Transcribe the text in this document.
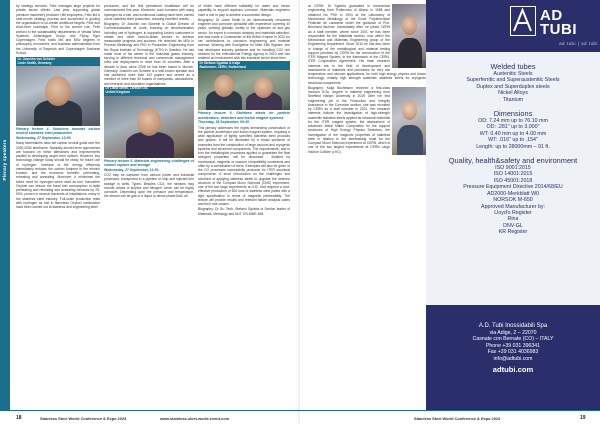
Plenary speakers

by strategy services. Felix manages large projects for private sector clients. Last year, supporting global premium machinery producer Hilti employees, Felix led a nine-month strategy process and succeeded in guiding the organisation to co-create ambitious targets. Felix and short-term roadmaps. Prior to his current role, Felix worked in the sustainability departments of Vestas Wind Systems, Ardenaqgue Group, and Flying Tiger Copenhagen. Felix holds MA and MSc degrees in philosophy, economics, and business administration from the University of Bayreuth and Copenhagen Business School.

Dr. Joachim von Schéele
Linde Sndth, Germany
Plenary lecture 4. Solutions towards carbon neutral stainless steel production
Wednesday, 27 September, 10:00

Many steelmakers have set carbon neutral goals over the 2030-2050 timeframe. Naturally-shorter-term approaches are focused on minor alterations and improvements parallel to developing longer term options. However, key technology change today should be ready for future use of hydrogen. Increase of the energy efficiency immediately reduces the carbon footprint in the electric furnace, and the economic benefits: preheating, reheating and annealing. Moreover, it minimises the future need for hydrogen when used as fuel. Hanneken Oxyfuel can reduce the fossil fuel consumption in ladle preheating and reheating and annealing furnaces by 25-50%, proven in several hundreds of installations, many in the stainless steel industry. Full-scale production tests with hydrogen as fuel in flameless Oxyfuel combustion have been carried out at stainless and engineering steel

producers, and the first permanent installation will be commissioned this year. Moreover, such furnaces with using hydrogen as a fuel, and continuous casting have been carried out at stainless steel production, showing excellent results.

Biography: Dr Joachim von Schéele is Global Director of Commercialisation at Linde, focusing on decarbonisation including use of hydrogen, in supporting Linde's customers in metals and other hard-to-abate sectors to achieve measurable progress and success. He received his MSc in Process Metallurgy and PhD in Production Engineering from the Royal Institute of Technology (KTH) in Sweden. He has made most of his career in the industrial gases industry, serving in different technical and commercial management roles and deployments in more than 40 countries. After a decade in Asia, since 2008 he has been based in Munich, Germany. Joachim von Schéele is a well-known speaker and has published more than 100 papers and served as a member of more than 30 boards of companies, associations, and research and education organisations.

Dr Liana Smith, Larkton Ltd,
United Kingdom
Plenary lecture 5. Materials engineering challenges of carbon capture and storage
Wednesday, 27 September, 11:30

CO2 may be captured from various power and industrial processes, transported in a pipeline or ship and injected into storage in wells. Types. Besides CO2, the streams may include oxides of sulphur and nitrogen, which can be highly corrosive. Depending upon the pressure and temperature, the stream can be gas or a liquid or dense phase fluid, all

of which have different suitability for water and hence capability to support aqueous corrosion. Materials engineers have a role to play to achieve a successful design.

Biography: Dr Liane Smith is an internationally renowned engineer and corrosion specialist with experience covering 40 years, working globally, mostly in the upstream oil and gas sector. An expert in corrosion analysis and materials selection, she was made a Commander of the British Empire in 2022 for her contributions to corrosion engineering and material science. Working with Evangeline for Mike Ellis Sigham, she has developed industry guidance and for handling CO2 rich streams for the International Energy Agency in 2010 and has retained an involvement with this industrial sector since then.

Dr Stefano Sgobba & Katja
Bachmann, CERN, Switzerland
Plenary lecture 6. Stainless steels for particle accelerators, detectors and fusion magnet systems
Thursday, 28 September, 09:30

This plenary addresses the highly demanding construction of the particle accelerator and fusion magnet system, requiring a wide application of tightly specified stainless steel products and grades. It will be illustrated by a broad spectrum of examples from the construction of large vacuum and cryogenic systems and structural components. The requirements, and in turn the metallurgical processes applied to guarantee the final stringent properties, will be discussed - dictated by mechanical, magnetic or vacuum compatibility constraints and often by a combination of them. Examples will also be given of the CO processes successfully produced for ITER structural components. A short introduction on the challenges and solutions of applying stainless steels to upgrade the detector structure of the Compact Muon Solenoid (CMS) experiment, one of the two large experiments at LHC, that required a cost-effective production of 600 tons of stainless steel plates with a tight specification in terms of magnetic permeability. The lecture will provide results and relevant failure analysis cases and their root causes.

Biography: Dr Sc. Tech. Stefano Sgobba is Section leader of Materials, Metrology and NDT, EN-MME-MM,

18	Stainless Steel World Conference & Expo 2023	www.stainless-steel-world-event.com

at CERN. Dr Sgobba graduated in mechanical engineering from Politecnico di Milano in 1988 and obtained his PhD in 1994 at the Laboratory of Mechanical Metallurgy of the Ecole Polytechnique Fédérale de Lausanne under the guidance of Prof. Bernhard Ilschner. Immediately after, he joined CERN as a staff member, where since 2001 he has been responsible for the Materials section, now within the Mechanical and Materials Engineering group of the Engineering Department. Since 2010 he has also been in charge of the metallurgical and material testing support provided by CERN for the construction of the ITER Magnet System, in the framework of the CERN-ITER Cooperation Agreement. His main research interests are in the field of development and assessment of materials and processes for very low temperature and vacuum applications, for both high energy physics and fusion technology, notably high strength austenitic stainless steels for cryogenic structural components.

Biography: Katja Buchmann received a first-class honours B.Sc. degree in material engineering from Sheffield Hallam University in 2019. After her first engineering job in the Production and Integrity Assurance in the Corrosion section, she was recruited by CERN as a staff member in 2021. Her research interests include the investigation of high-strength austenitic stainless steels applied as structural materials for the ITER magnet system, the assessment of advanced Metal Matrix Composites for the support structures of High Energy Physics Detectors, the investigation of the magnetic properties of stainless steel in relation to the steelmaking route for the Compact Muon Solenoid experiment at CERN, which is one of the two largest experiments at CERN Large Hadron Collider (LHC).

Stainless Steel World Conference & Expo 2023	19
AD
TUBI
ad tubi | ad tubi
Welded tubes
Austenitic Steels
Superferritic and Superaustenitic Steels
Duplex and Superduplex steels
Nickel Alloys
Titanium
Dimensions
OD: 7.24 mm up to 76.10 mm
OD: .281" up to 3.000"
WT: 0.40 mm up to 4.00 mm
WT: .016" up to .154"
Length: up to 28000mm – 91 ft.
Quality, health&safety and environment
ISO 9001:2015
ISO 14001:2015
ISO 45001:2018
Pressure Equipment Directive 2014/68/EU
AD2000-Merkblatt W0
NORSOK M-650
Approved Manufacturer by:
Lloyd's Register
Rina
DNV-GL
KR Register
A.D. Tubi Inossidabili Spa
via Adige, 2 – 22070
Casnate con Bernate (CO) – ITALY
Phone +39 031 396341
Fax +39 031 4036983
info@adtubi.com
adtubi.com
